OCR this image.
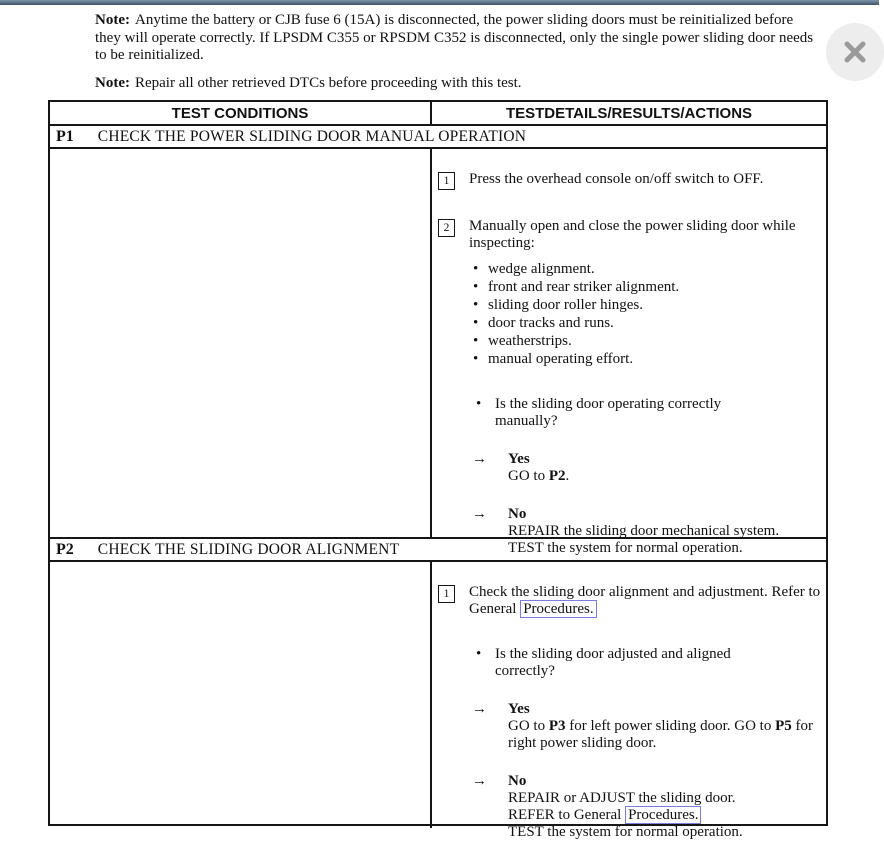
Note: Anytime the battery or CJB fuse 6 (15A) is disconnected, the power sliding doors must be reinitialized before they will operate correctly. If LPSDM C355 or RPSDM C352 is disconnected, only the single power sliding door needs to be reinitialized.

Note: Repair all other retrieved DTCs before proceeding with this test.

TEST CONDITIONS	TESTDETAILS/RESULTS/ACTIONS
P1 CHECK THE POWER SLIDING DOOR MANUAL OPERATION
1	Press the overhead console on/off switch to OFF.
2	Manually open and close the power sliding door while inspecting:
• wedge alignment.
• front and rear striker alignment.
• sliding door roller hinges.
• door tracks and runs.
• weatherstrips.
• manual operating effort.
• Is the sliding door operating correctly manually?
→	Yes
GO to P2.
→	No
REPAIR the sliding door mechanical system.
TEST the system for normal operation.
P2 CHECK THE SLIDING DOOR ALIGNMENT
1	Check the sliding door alignment and adjustment. Refer to General Procedures.
• Is the sliding door adjusted and aligned correctly?
→	Yes
GO to P3 for left power sliding door. GO to P5 for right power sliding door.
→	No
REPAIR or ADJUST the sliding door.
REFER to General Procedures.
TEST the system for normal operation.
